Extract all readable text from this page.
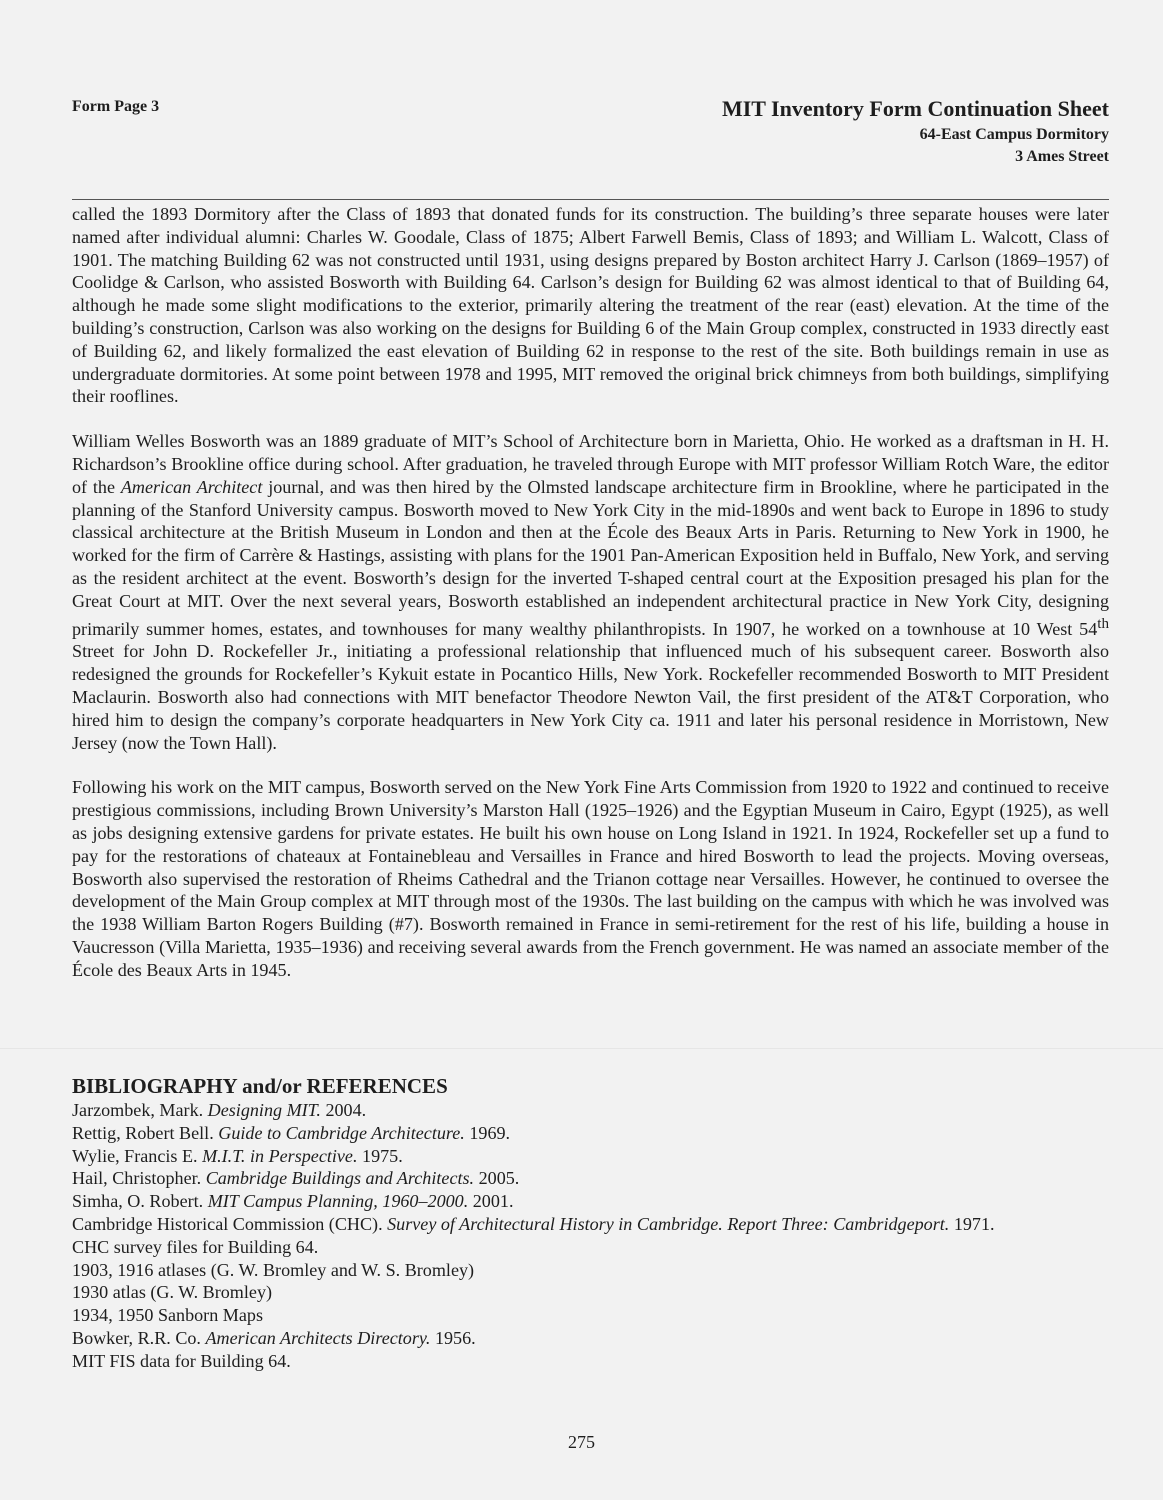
Form Page 3	MIT Inventory Form Continuation Sheet
64-East Campus Dormitory
3 Ames Street

called the 1893 Dormitory after the Class of 1893 that donated funds for its construction. The building’s three separate houses were later named after individual alumni: Charles W. Goodale, Class of 1875; Albert Farwell Bemis, Class of 1893; and William L. Walcott, Class of 1901. The matching Building 62 was not constructed until 1931, using designs prepared by Boston architect Harry J. Carlson (1869–1957) of Coolidge & Carlson, who assisted Bosworth with Building 64. Carlson’s design for Building 62 was almost identical to that of Building 64, although he made some slight modifications to the exterior, primarily altering the treatment of the rear (east) elevation. At the time of the building’s construction, Carlson was also working on the designs for Building 6 of the Main Group complex, constructed in 1933 directly east of Building 62, and likely formalized the east elevation of Building 62 in response to the rest of the site. Both buildings remain in use as undergraduate dormitories. At some point between 1978 and 1995, MIT removed the original brick chimneys from both buildings, simplifying their rooflines.

William Welles Bosworth was an 1889 graduate of MIT’s School of Architecture born in Marietta, Ohio. He worked as a draftsman in H. H. Richardson’s Brookline office during school. After graduation, he traveled through Europe with MIT professor William Rotch Ware, the editor of the American Architect journal, and was then hired by the Olmsted landscape architecture firm in Brookline, where he participated in the planning of the Stanford University campus. Bosworth moved to New York City in the mid-1890s and went back to Europe in 1896 to study classical architecture at the British Museum in London and then at the École des Beaux Arts in Paris. Returning to New York in 1900, he worked for the firm of Carrère & Hastings, assisting with plans for the 1901 Pan-American Exposition held in Buffalo, New York, and serving as the resident architect at the event. Bosworth’s design for the inverted T-shaped central court at the Exposition presaged his plan for the Great Court at MIT. Over the next several years, Bosworth established an independent architectural practice in New York City, designing primarily summer homes, estates, and townhouses for many wealthy philanthropists. In 1907, he worked on a townhouse at 10 West 54th Street for John D. Rockefeller Jr., initiating a professional relationship that influenced much of his subsequent career. Bosworth also redesigned the grounds for Rockefeller’s Kykuit estate in Pocantico Hills, New York. Rockefeller recommended Bosworth to MIT President Maclaurin. Bosworth also had connections with MIT benefactor Theodore Newton Vail, the first president of the AT&T Corporation, who hired him to design the company’s corporate headquarters in New York City ca. 1911 and later his personal residence in Morristown, New Jersey (now the Town Hall).

Following his work on the MIT campus, Bosworth served on the New York Fine Arts Commission from 1920 to 1922 and continued to receive prestigious commissions, including Brown University’s Marston Hall (1925–1926) and the Egyptian Museum in Cairo, Egypt (1925), as well as jobs designing extensive gardens for private estates. He built his own house on Long Island in 1921. In 1924, Rockefeller set up a fund to pay for the restorations of chateaux at Fontainebleau and Versailles in France and hired Bosworth to lead the projects. Moving overseas, Bosworth also supervised the restoration of Rheims Cathedral and the Trianon cottage near Versailles. However, he continued to oversee the development of the Main Group complex at MIT through most of the 1930s. The last building on the campus with which he was involved was the 1938 William Barton Rogers Building (#7). Bosworth remained in France in semi-retirement for the rest of his life, building a house in Vaucresson (Villa Marietta, 1935–1936) and receiving several awards from the French government. He was named an associate member of the École des Beaux Arts in 1945.

BIBLIOGRAPHY and/or REFERENCES
Jarzombek, Mark. Designing MIT. 2004.
Rettig, Robert Bell. Guide to Cambridge Architecture. 1969.
Wylie, Francis E. M.I.T. in Perspective. 1975.
Hail, Christopher. Cambridge Buildings and Architects. 2005.
Simha, O. Robert. MIT Campus Planning, 1960–2000. 2001.
Cambridge Historical Commission (CHC). Survey of Architectural History in Cambridge. Report Three: Cambridgeport. 1971.
CHC survey files for Building 64.
1903, 1916 atlases (G. W. Bromley and W. S. Bromley)
1930 atlas (G. W. Bromley)
1934, 1950 Sanborn Maps
Bowker, R.R. Co. American Architects Directory. 1956.
MIT FIS data for Building 64.
275
